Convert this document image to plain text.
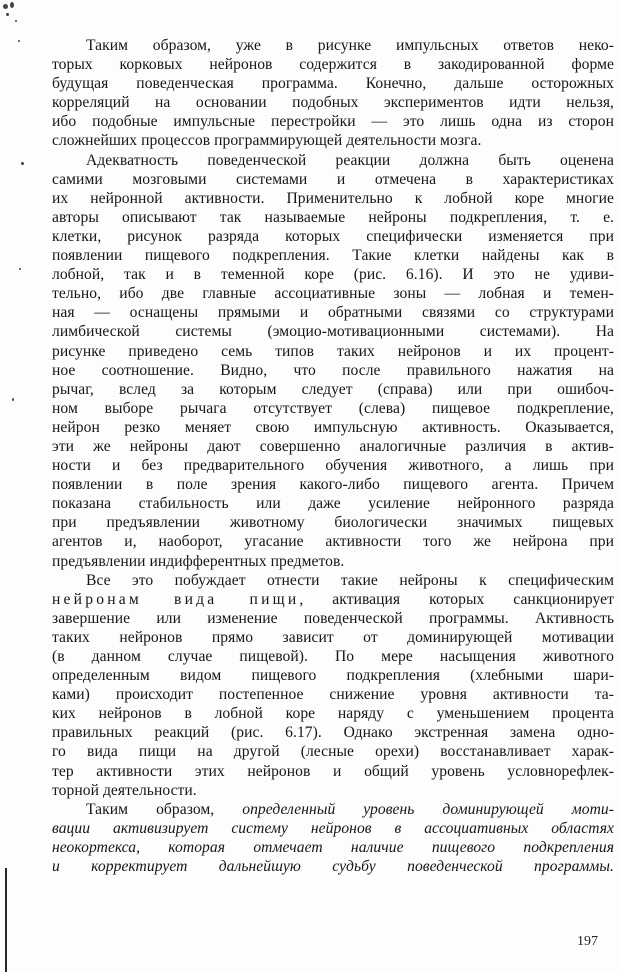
Таким образом, уже в рисунке импульсных ответов неко-
торых корковых нейронов содержится в закодированной форме
будущая поведенческая программа. Конечно, дальше осторожных
корреляций на основании подобных экспериментов идти нельзя,
ибо подобные импульсные перестройки — это лишь одна из сторон
сложнейших процессов программирующей деятельности мозга.
Адекватность поведенческой реакции должна быть оценена
самими мозговыми системами и отмечена в характеристиках
их нейронной активности. Применительно к лобной коре многие
авторы описывают так называемые нейроны подкрепления, т. е.
клетки, рисунок разряда которых специфически изменяется при
появлении пищевого подкрепления. Такие клетки найдены как в
лобной, так и в теменной коре (рис. 6.16). И это не удиви-
тельно, ибо две главные ассоциативные зоны — лобная и темен-
ная — оснащены прямыми и обратными связями со структурами
лимбической системы (эмоцио-мотивационными системами). На
рисунке приведено семь типов таких нейронов и их процент-
ное соотношение. Видно, что после правильного нажатия на
рычаг, вслед за которым следует (справа) или при ошибоч-
ном выборе рычага отсутствует (слева) пищевое подкрепление,
нейрон резко меняет свою импульсную активность. Оказывается,
эти же нейроны дают совершенно аналогичные различия в актив-
ности и без предварительного обучения животного, а лишь при
появлении в поле зрения какого-либо пищевого агента. Причем
показана стабильность или даже усиление нейронного разряда
при предъявлении животному биологически значимых пищевых
агентов и, наоборот, угасание активности того же нейрона при
предъявлении индифферентных предметов.
Все это побуждает отнести такие нейроны к специфическим
нейронам вида пищи, активация которых санкционирует
завершение или изменение поведенческой программы. Активность
таких нейронов прямо зависит от доминирующей мотивации
(в данном случае пищевой). По мере насыщения животного
определенным видом пищевого подкрепления (хлебными шари-
ками) происходит постепенное снижение уровня активности та-
ких нейронов в лобной коре наряду с уменьшением процента
правильных реакций (рис. 6.17). Однако экстренная замена одно-
го вида пищи на другой (лесные орехи) восстанавливает харак-
тер активности этих нейронов и общий уровень условнорефлек-
торной деятельности.
Таким образом, определенный уровень доминирующей моти-
вации активизирует систему нейронов в ассоциативных областях
неокортекса, которая отмечает наличие пищевого подкрепления
и корректирует дальнейшую судьбу поведенческой программы.
197
